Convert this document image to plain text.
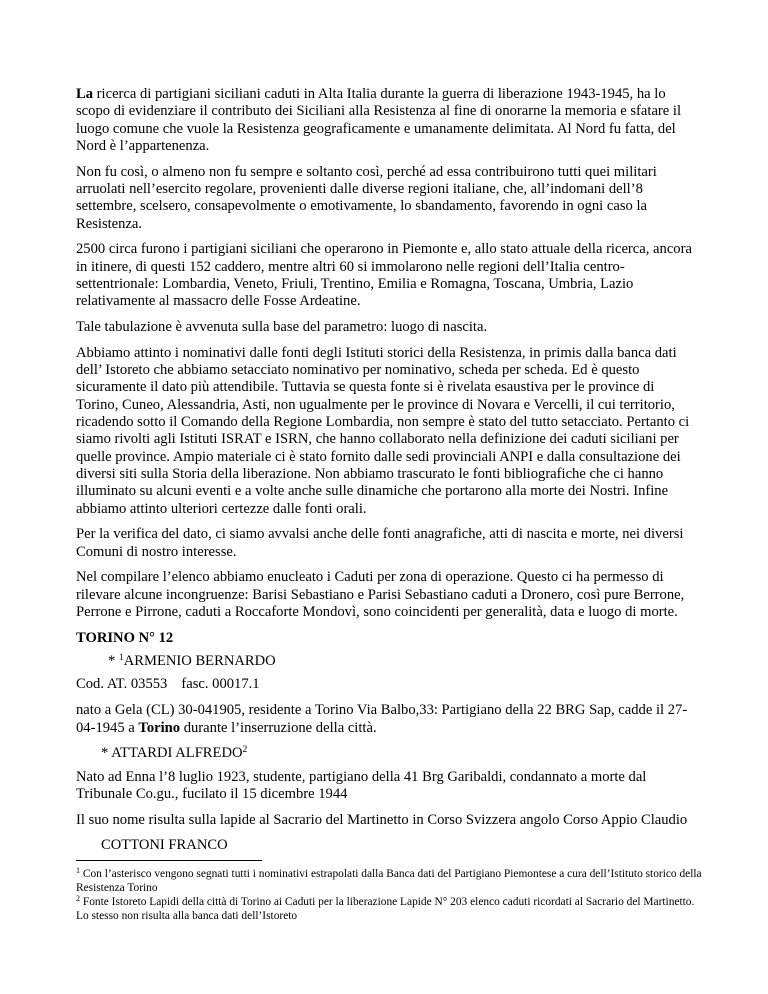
La ricerca di partigiani siciliani caduti in Alta Italia durante la guerra di liberazione 1943-1945, ha lo scopo di evidenziare il contributo dei Siciliani alla Resistenza al fine di onorarne la memoria e sfatare il luogo comune che vuole la Resistenza geograficamente e umanamente delimitata. Al Nord fu fatta, del Nord è l’appartenenza.

Non fu così, o almeno non fu sempre e soltanto così, perché ad essa contribuirono tutti quei militari arruolati nell’esercito regolare, provenienti dalle diverse regioni italiane, che, all’indomani dell’8 settembre, scelsero, consapevolmente o emotivamente, lo sbandamento, favorendo in ogni caso la Resistenza.

2500 circa furono i partigiani siciliani che operarono in Piemonte e, allo stato attuale della ricerca, ancora in itinere, di questi 152 caddero, mentre altri 60 si immolarono nelle regioni dell’Italia centro-settentrionale: Lombardia, Veneto, Friuli, Trentino, Emilia e Romagna, Toscana, Umbria, Lazio relativamente al massacro delle Fosse Ardeatine.

Tale tabulazione è avvenuta sulla base del parametro: luogo di nascita.

Abbiamo attinto i nominativi dalle fonti degli Istituti storici della Resistenza, in primis dalla banca dati dell’ Istoreto che abbiamo setacciato nominativo per nominativo, scheda per scheda. Ed è questo sicuramente il dato più attendibile. Tuttavia se questa fonte si è rivelata esaustiva per le province di Torino, Cuneo, Alessandria, Asti, non ugualmente per le province di Novara e Vercelli, il cui territorio, ricadendo sotto il Comando della Regione Lombardia, non sempre è stato del tutto setacciato. Pertanto ci siamo rivolti agli Istituti ISRAT e ISRN, che hanno collaborato nella definizione dei caduti siciliani per quelle province. Ampio materiale ci è stato fornito dalle sedi provinciali ANPI e dalla consultazione dei diversi siti sulla Storia della liberazione. Non abbiamo trascurato le fonti bibliografiche che ci hanno illuminato su alcuni eventi e a volte anche sulle dinamiche che portarono alla morte dei Nostri. Infine abbiamo attinto ulteriori certezze dalle fonti orali.

Per la verifica del dato, ci siamo avvalsi anche delle fonti anagrafiche, atti di nascita e morte, nei diversi Comuni di nostro interesse.

Nel compilare l’elenco abbiamo enucleato i Caduti per zona di operazione. Questo ci ha permesso di rilevare alcune incongruenze: Barisi Sebastiano e Parisi Sebastiano caduti a Dronero, così pure Berrone, Perrone e Pirrone, caduti a Roccaforte Mondovì, sono coincidenti per generalità, data e luogo di morte.

TORINO N° 12

* $^1$ARMENIO BERNARDO

Cod. AT. 03553 fasc. 00017.1

nato a Gela (CL) 30-041905, residente a Torino Via Balbo,33: Partigiano della 22 BRG Sap, cadde il 27-04-1945 a Torino durante l’inserruzione della città.

* ATTARDI ALFREDO$^2$

Nato ad Enna l’8 luglio 1923, studente, partigiano della 41 Brg Garibaldi, condannato a morte dal Tribunale Co.gu., fucilato il 15 dicembre 1944

Il suo nome risulta sulla lapide al Sacrario del Martinetto in Corso Svizzera angolo Corso Appio Claudio

COTTONI FRANCO

$^1$ Con l’asterisco vengono segnati tutti i nominativi estrapolati dalla Banca dati del Partigiano Piemontese a cura dell’Istituto storico della Resistenza Torino

$^2$ Fonte Istoreto Lapidi della città di Torino ai Caduti per la liberazione Lapide N° 203 elenco caduti ricordati al Sacrario del Martinetto. Lo stesso non risulta alla banca dati dell’Istoreto
